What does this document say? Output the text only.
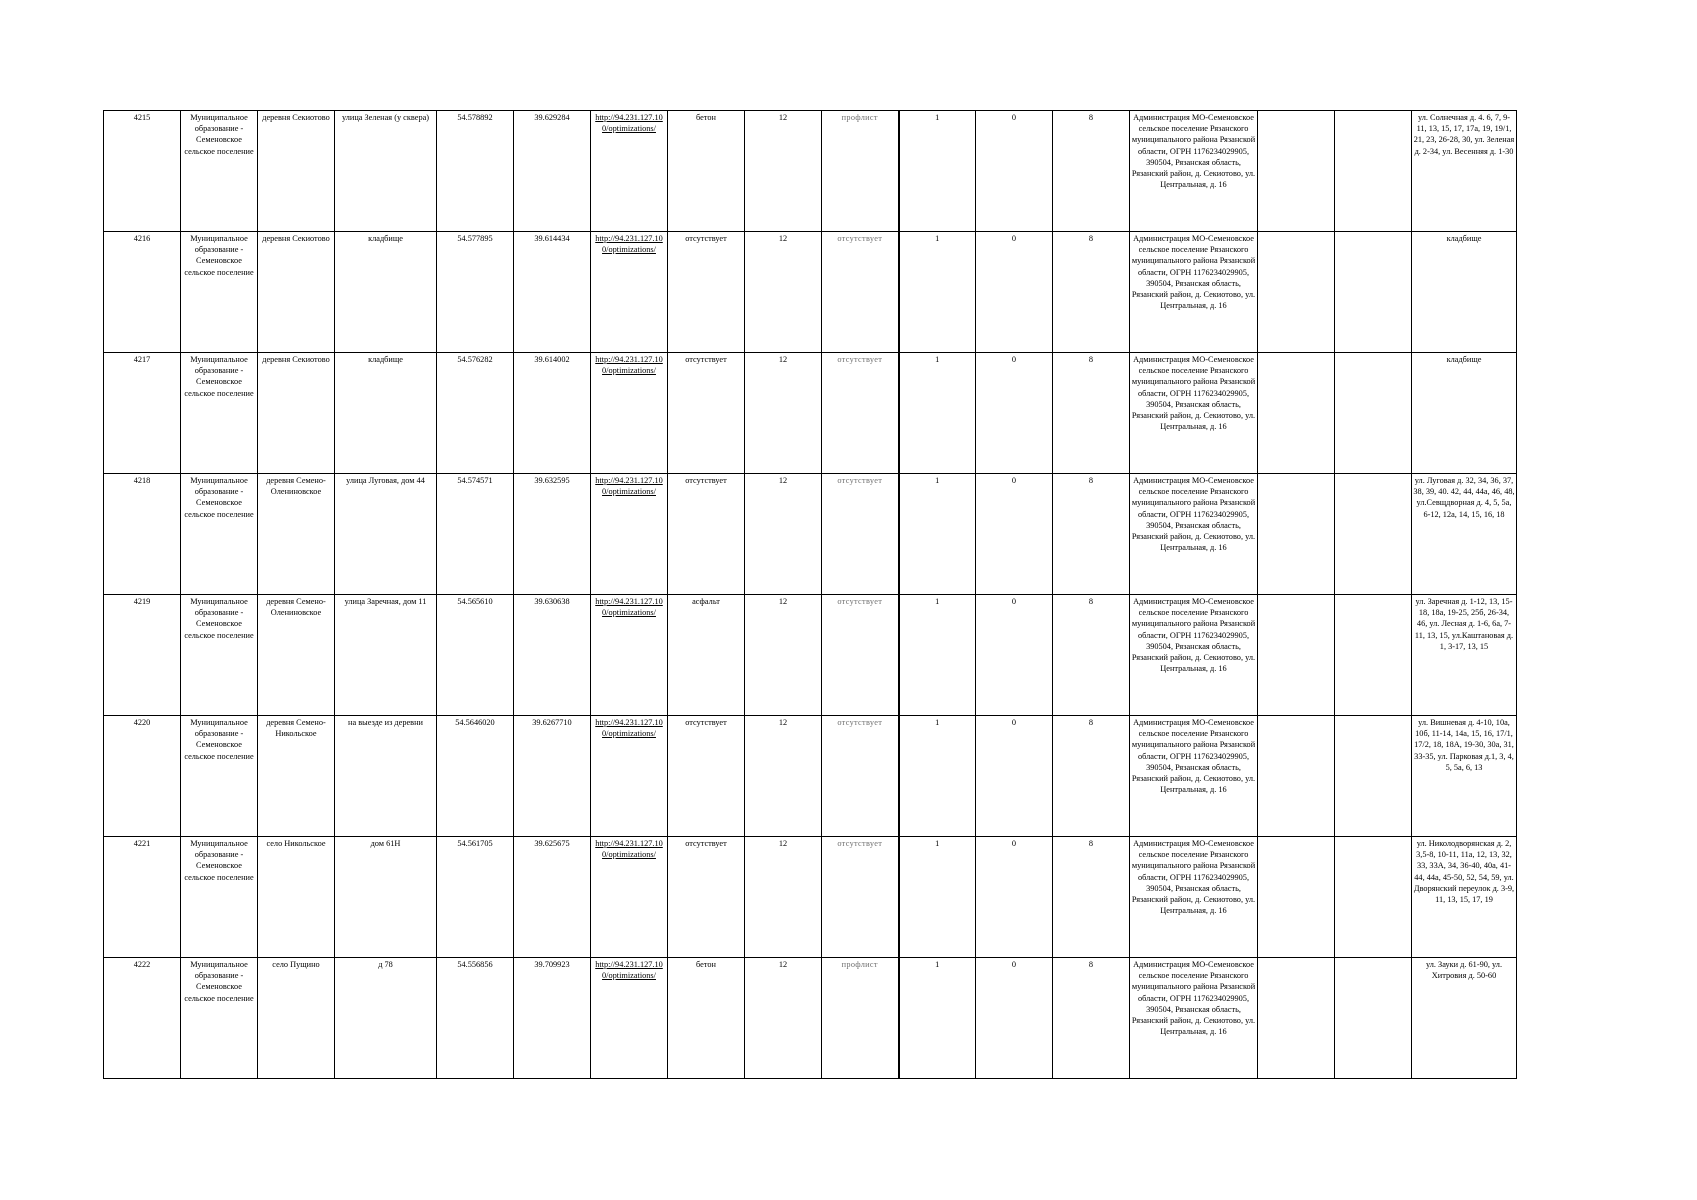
4215	Муниципальное образование - Семеновское сельское поселение	деревня Секиотово	улица Зеленая (у сквера)	54.578892	39.629284	http://94.231.127.10 0/optimizations/	бетон	12	профлист	1	0	8	Администрация МО-Семеновское сельское поселение Рязанского муниципального района Рязанской области, ОГРН 1176234029905, 390504, Рязанская область, Рязанский район, д. Секиотово, ул. Центральная, д. 16			ул. Солнечная д. 4. 6, 7, 9-11, 13, 15, 17, 17а, 19, 19/1, 21, 23, 26-28, 30, ул. Зеленая д. 2-34, ул. Весенняя д. 1-30
4216	Муниципальное образование - Семеновское сельское поселение	деревня Секиотово	кладбище	54.577895	39.614434	http://94.231.127.10 0/optimizations/	отсутствует	12	отсутствует	1	0	8	Администрация МО-Семеновское сельское поселение Рязанского муниципального района Рязанской области, ОГРН 1176234029905, 390504, Рязанская область, Рязанский район, д. Секиотово, ул. Центральная, д. 16			кладбище
4217	Муниципальное образование - Семеновское сельское поселение	деревня Секиотово	кладбище	54.576282	39.614002	http://94.231.127.10 0/optimizations/	отсутствует	12	отсутствует	1	0	8	Администрация МО-Семеновское сельское поселение Рязанского муниципального района Рязанской области, ОГРН 1176234029905, 390504, Рязанская область, Рязанский район, д. Секиотово, ул. Центральная, д. 16			кладбище
4218	Муниципальное образование - Семеновское сельское поселение	деревня Семено-Олениновское	улица Луговая, дом 44	54.574571	39.632595	http://94.231.127.10 0/optimizations/	отсутствует	12	отсутствует	1	0	8	Администрация МО-Семеновское сельское поселение Рязанского муниципального района Рязанской области, ОГРН 1176234029905, 390504, Рязанская область, Рязанский район, д. Секиотово, ул. Центральная, д. 16			ул. Луговая д. 32, 34, 36, 37, 38, 39, 40. 42, 44, 44а, 46, 48, ул.Севщдворная д. 4, 5, 5а, 6-12, 12а, 14, 15, 16, 18
4219	Муниципальное образование - Семеновское сельское поселение	деревня Семено-Олениновское	улица Заречная, дом 11	54.565610	39.630638	http://94.231.127.10 0/optimizations/	асфальт	12	отсутствует	1	0	8	Администрация МО-Семеновское сельское поселение Рязанского муниципального района Рязанской области, ОГРН 1176234029905, 390504, Рязанская область, Рязанский район, д. Секиотово, ул. Центральная, д. 16			ул. Заречная д. 1-12, 13, 15-18, 18а, 19-25, 25б, 26-34, 46, ул. Лесная д. 1-6, 6а, 7-11, 13, 15, ул.Каштановая д. 1, 3-17, 13, 15
4220	Муниципальное образование - Семеновское сельское поселение	деревня Семено-Никольское	на выезде из деревни	54.5646020	39.6267710	http://94.231.127.10 0/optimizations/	отсутствует	12	отсутствует	1	0	8	Администрация МО-Семеновское сельское поселение Рязанского муниципального района Рязанской области, ОГРН 1176234029905, 390504, Рязанская область, Рязанский район, д. Секиотово, ул. Центральная, д. 16			ул. Вишневая д. 4-10, 10а, 10б, 11-14, 14а, 15, 16, 17/1, 17/2, 18, 18А, 19-30, 30а, 31, 33-35, ул. Парковая д.1, 3, 4, 5, 5а, 6, 13
4221	Муниципальное образование - Семеновское сельское поселение	село Никольское	дом 61Н	54.561705	39.625675	http://94.231.127.10 0/optimizations/	отсутствует	12	отсутствует	1	0	8	Администрация МО-Семеновское сельское поселение Рязанского муниципального района Рязанской области, ОГРН 1176234029905, 390504, Рязанская область, Рязанский район, д. Секиотово, ул. Центральная, д. 16			ул. Николодворянская д. 2, 3,5-8, 10-11, 11а, 12, 13, 32, 33, 33А, 34, 36-40, 40а, 41-44, 44а, 45-50, 52, 54, 59, ул. Дворянский переулок д. 3-9, 11, 13, 15, 17, 19
4222	Муниципальное образование - Семеновское сельское поселение	село Пущино	д 78	54.556856	39.709923	http://94.231.127.10 0/optimizations/	бетон	12	профлист	1	0	8	Администрация МО-Семеновское сельское поселение Рязанского муниципального района Рязанской области, ОГРН 1176234029905, 390504, Рязанская область, Рязанский район, д. Секиотово, ул. Центральная, д. 16			ул. Зауки д. 61-90, ул. Хитровия д. 50-60
